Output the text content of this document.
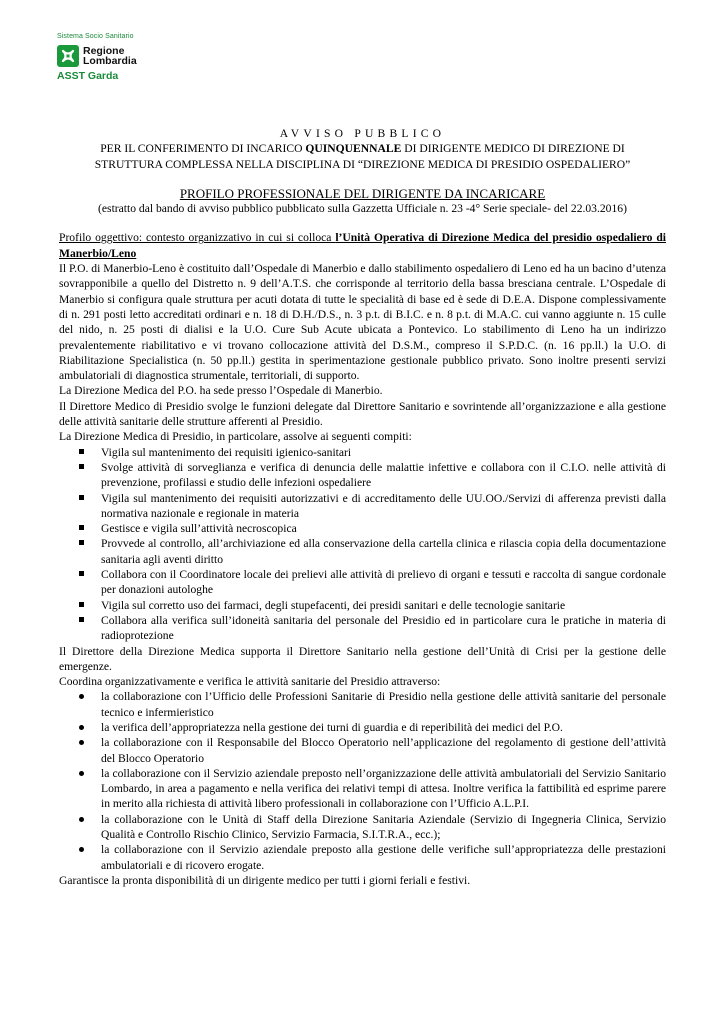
Sistema Socio Sanitario
Regione
Lombardia
ASST Garda
AVVISO PUBBLICO
PER IL CONFERIMENTO DI INCARICO QUINQUENNALE DI DIRIGENTE MEDICO DI DIREZIONE DI
STRUTTURA COMPLESSA NELLA DISCIPLINA DI “DIREZIONE MEDICA DI PRESIDIO OSPEDALIERO”
PROFILO PROFESSIONALE DEL DIRIGENTE DA INCARICARE
(estratto dal bando di avviso pubblico pubblicato sulla Gazzetta Ufficiale n. 23 -4° Serie speciale- del 22.03.2016)
Profilo oggettivo: contesto organizzativo in cui si colloca l’Unità Operativa di Direzione Medica del presidio ospedaliero di Manerbio/Leno
Il P.O. di Manerbio-Leno è costituito dall’Ospedale di Manerbio e dallo stabilimento ospedaliero di Leno ed ha un bacino d’utenza sovrapponibile a quello del Distretto n. 9 dell’A.T.S. che corrisponde al territorio della bassa bresciana centrale. L’Ospedale di Manerbio si configura quale struttura per acuti dotata di tutte le specialità di base ed è sede di D.E.A. Dispone complessivamente di n. 291 posti letto accreditati ordinari e n. 18 di D.H./D.S., n. 3 p.t. di B.I.C. e n. 8 p.t. di M.A.C. cui vanno aggiunte n. 15 culle del nido, n. 25 posti di dialisi e la U.O. Cure Sub Acute ubicata a Pontevico. Lo stabilimento di Leno ha un indirizzo prevalentemente riabilitativo e vi trovano collocazione attività del D.S.M., compreso il S.P.D.C. (n. 16 pp.ll.) la U.O. di Riabilitazione Specialistica (n. 50 pp.ll.) gestita in sperimentazione gestionale pubblico privato. Sono inoltre presenti servizi ambulatoriali di diagnostica strumentale, territoriali, di supporto.
La Direzione Medica del P.O. ha sede presso l’Ospedale di Manerbio.
Il Direttore Medico di Presidio svolge le funzioni delegate dal Direttore Sanitario e sovrintende all’organizzazione e alla gestione delle attività sanitarie delle strutture afferenti al Presidio.
La Direzione Medica di Presidio, in particolare, assolve ai seguenti compiti:
Vigila sul mantenimento dei requisiti igienico-sanitari
Svolge attività di sorveglianza e verifica di denuncia delle malattie infettive e collabora con il C.I.O. nelle attività di prevenzione, profilassi e studio delle infezioni ospedaliere
Vigila sul mantenimento dei requisiti autorizzativi e di accreditamento delle UU.OO./Servizi di afferenza previsti dalla normativa nazionale e regionale in materia
Gestisce e vigila sull’attività necroscopica
Provvede al controllo, all’archiviazione ed alla conservazione della cartella clinica e rilascia copia della documentazione sanitaria agli aventi diritto
Collabora con il Coordinatore locale dei prelievi alle attività di prelievo di organi e tessuti e raccolta di sangue cordonale per donazioni autologhe
Vigila sul corretto uso dei farmaci, degli stupefacenti, dei presidi sanitari e delle tecnologie sanitarie
Collabora alla verifica sull’idoneità sanitaria del personale del Presidio ed in particolare cura le pratiche in materia di radioprotezione
Il Direttore della Direzione Medica supporta il Direttore Sanitario nella gestione dell’Unità di Crisi per la gestione delle emergenze.
Coordina organizzativamente e verifica le attività sanitarie del Presidio attraverso:
la collaborazione con l’Ufficio delle Professioni Sanitarie di Presidio nella gestione delle attività sanitarie del personale tecnico e infermieristico
la verifica dell’appropriatezza nella gestione dei turni di guardia e di reperibilità dei medici del P.O.
la collaborazione con il Responsabile del Blocco Operatorio nell’applicazione del regolamento di gestione dell’attività del Blocco Operatorio
la collaborazione con il Servizio aziendale preposto nell’organizzazione delle attività ambulatoriali del Servizio Sanitario Lombardo, in area a pagamento e nella verifica dei relativi tempi di attesa. Inoltre verifica la fattibilità ed esprime parere in merito alla richiesta di attività libero professionali in collaborazione con l’Ufficio A.L.P.I.
la collaborazione con le Unità di Staff della Direzione Sanitaria Aziendale (Servizio di Ingegneria Clinica, Servizio Qualità e Controllo Rischio Clinico, Servizio Farmacia, S.I.T.R.A., ecc.);
la collaborazione con il Servizio aziendale preposto alla gestione delle verifiche sull’appropriatezza delle prestazioni ambulatoriali e di ricovero erogate.
Garantisce la pronta disponibilità di un dirigente medico per tutti i giorni feriali e festivi.
